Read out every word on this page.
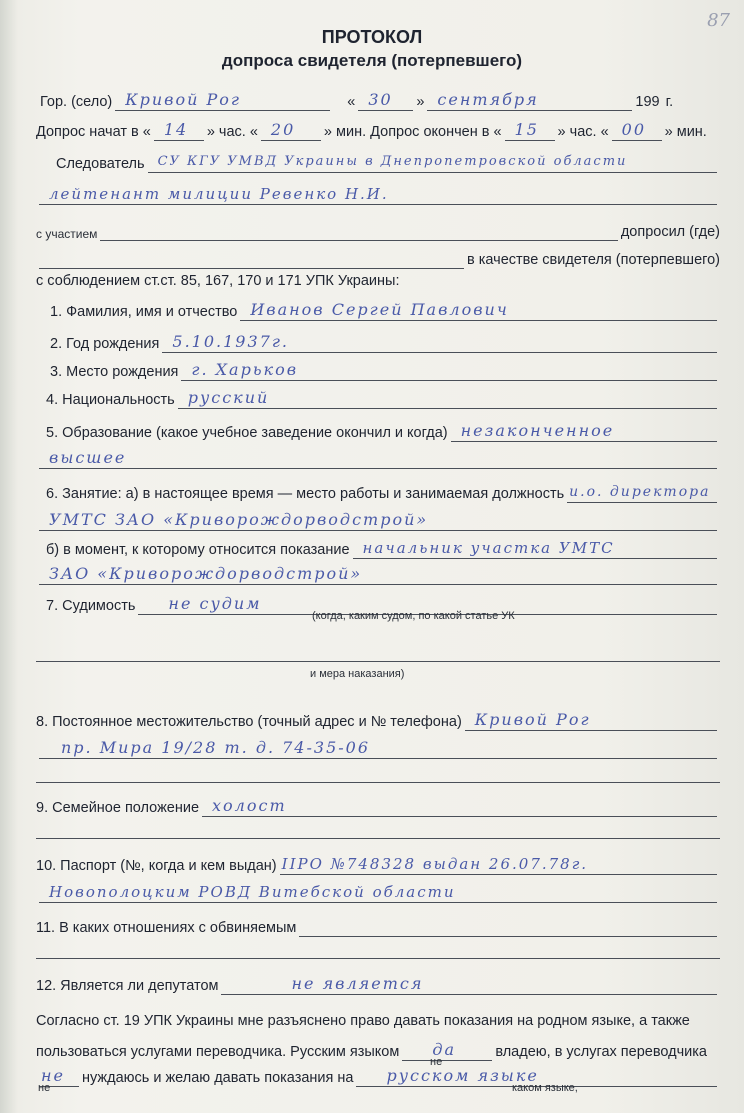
87
ПРОТОКОЛ
допроса свидетеля (потерпевшего)
Гор. (село) Кривой Рог	« 30 » сентября	199 г.
Допрос начат в « 14 » час. « 20 » мин. Допрос окончен в « 15 » час. « 00 » мин.
Следователь СУ КГУ УМВД Украины в Днепропетровской области
лейтенант милиции Ревенко Н.И.
с участием	допросил (где)
в качестве свидетеля (потерпевшего)
с соблюдением ст.ст. 85, 167, 170 и 171 УПК Украины:
1. Фамилия, имя и отчество Иванов Сергей Павлович
2. Год рождения 5.10.1937г.
3. Место рождения г. Харьков
4. Национальность русский
5. Образование (какое учебное заведение окончил и когда) незаконченное
высшее
6. Занятие: а) в настоящее время — место работы и занимаемая должность и.о. директора
УМТС ЗАО «Криворождорводстрой»
б) в момент, к которому относится показание начальник участка УМТС
ЗАО «Криворождорводстрой»
7. Судимость не судим
(когда, каким судом, по какой статье УК
и мера наказания)
8. Постоянное местожительство (точный адрес и № телефона) Кривой Рог
пр. Мира 19/28 т. д. 74-35-06
9. Семейное положение холост
10. Паспорт (№, когда и кем выдан) IIРО №748328 выдан 26.07.78г.
Новополоцким РОВД Витебской области
11. В каких отношениях с обвиняемым
12. Является ли депутатом	не является
Согласно ст. 19 УПК Украины мне разъяснено право давать показания на родном языке, а также
пользоваться услугами переводчика. Русским языком да	владею, в услугах переводчика
не
не нуждаюсь и желаю давать показания на русском языке
не	каком языке,
